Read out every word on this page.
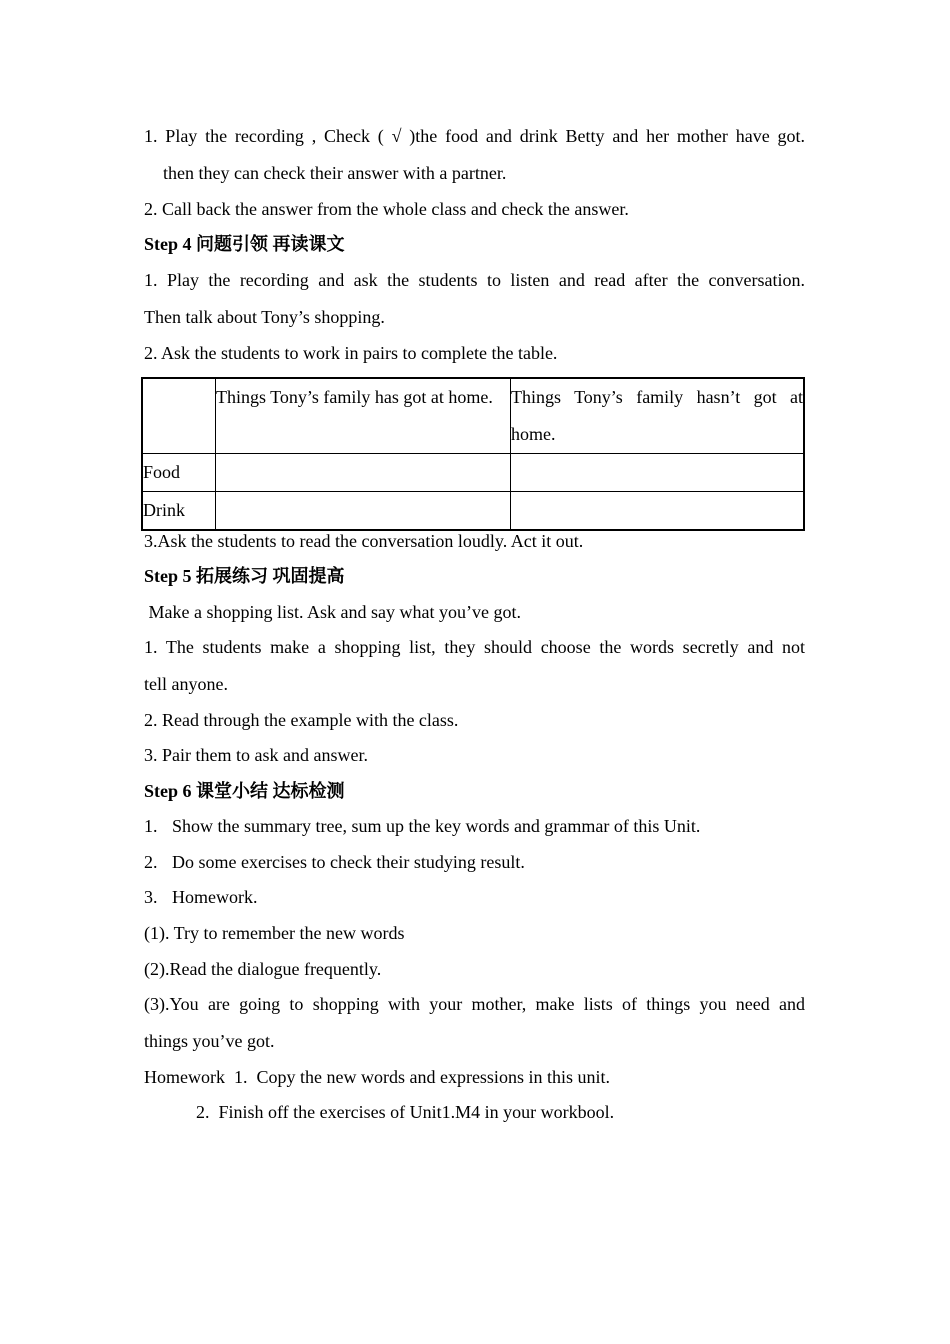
1. Play the recording , Check ( √ )the food and drink Betty and her mother have got.
then they can check their answer with a partner.
2. Call back the answer from the whole class and check the answer.
Step 4 问题引领 再读课文
1. Play the recording and ask the students to listen and read after the conversation.
Then talk about Tony’s shopping.
2. Ask the students to work in pairs to complete the table.
	Things Tony’s family has got at home.	Things Tony’s family hasn’t got at home.

Food		
Drink		
3.Ask the students to read the conversation loudly. Act it out.
Step 5 拓展练习 巩固提高
Make a shopping list. Ask and say what you’ve got.
1. The students make a shopping list, they should choose the words secretly and not
tell anyone.
2. Read through the example with the class.
3. Pair them to ask and answer.
Step 6 课堂小结 达标检测
1. Show the summary tree, sum up the key words and grammar of this Unit.
2. Do some exercises to check their studying result.
3. Homework.
(1). Try to remember the new words
(2).Read the dialogue frequently.
(3).You are going to shopping with your mother, make lists of things you need and
things you’ve got.
Homework  1.  Copy the new words and expressions in this unit.
2.  Finish off the exercises of Unit1.M4 in your workbool.
